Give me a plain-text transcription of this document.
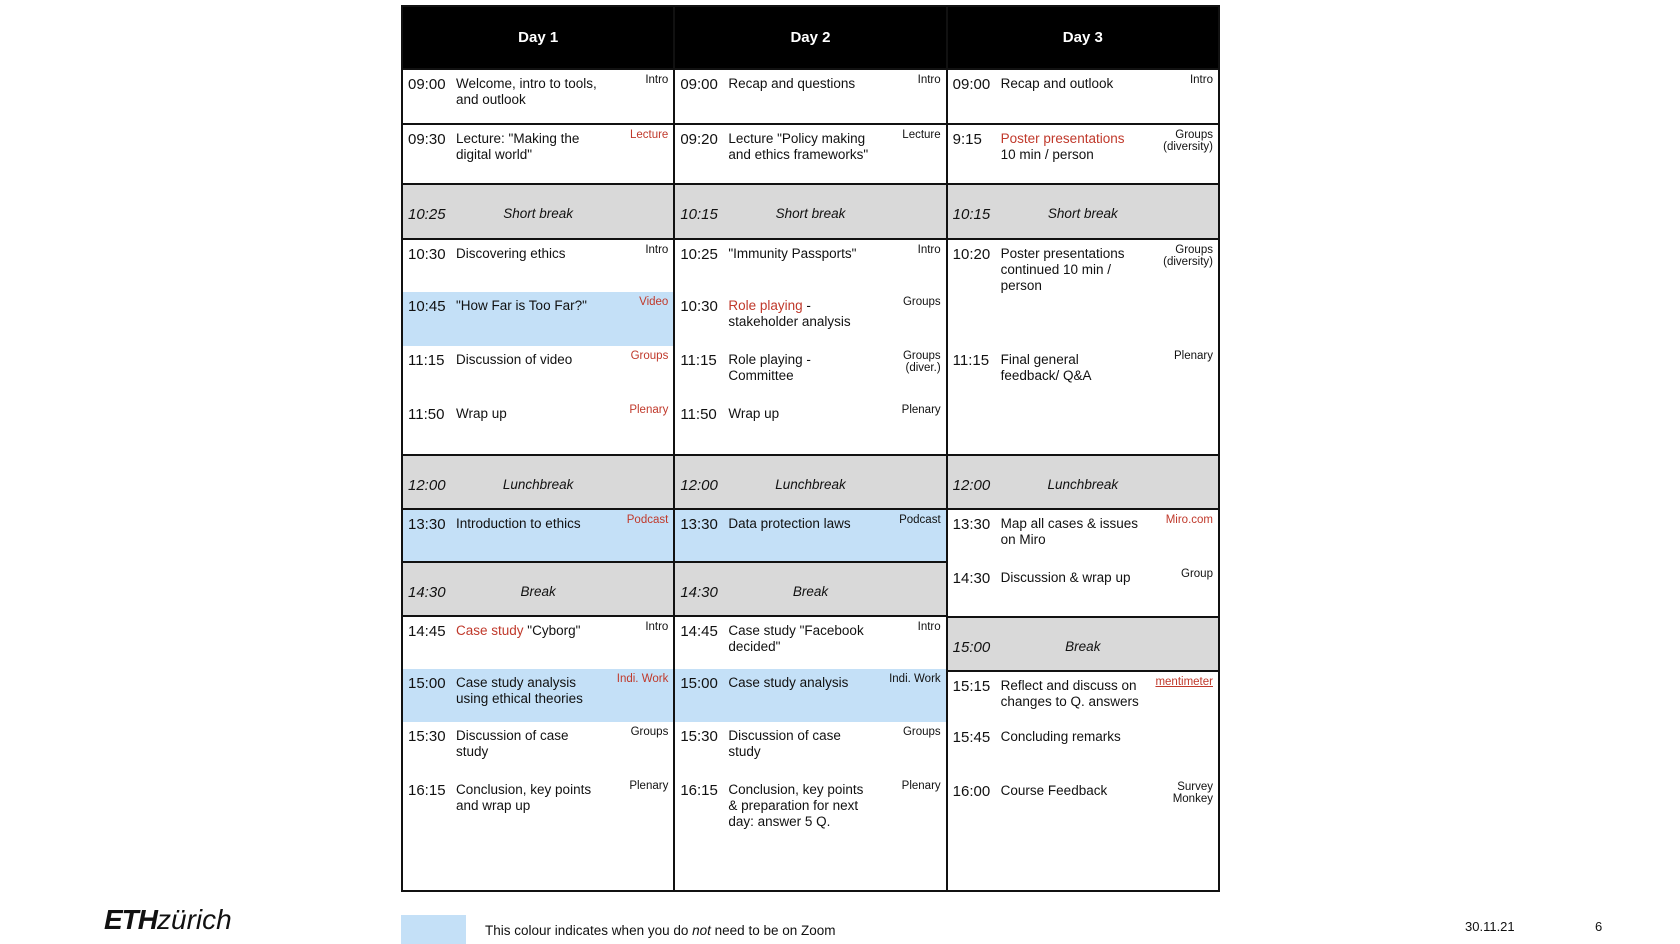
Day 1
09:00 Welcome, intro to tools, and outlook
Intro
09:30 Lecture: "Making the digital world"
Lecture
10:25	Short break
10:30 Discovering ethics	Intro
10:45 "How Far is Too Far?"	Video
11:15 Discussion of video	Groups
11:50 Wrap up	Plenary
12:00	Lunchbreak
13:30 Introduction to ethics	Podcast
14:30	Break
14:45 Case study "Cyborg"	Intro
15:00 Case study analysis using ethical theories
Indi. Work
15:30 Discussion of case study
Groups
16:15 Conclusion, key points and wrap up
Plenary
Day 2
09:00 Recap and questions	Intro
09:20 Lecture "Policy making and ethics frameworks"
Lecture
10:15	Short break
10:25 "Immunity Passports"	Intro
10:30 Role playing - stakeholder analysis
Groups
11:15 Role playing - Committee
Groups (diver.)
11:50 Wrap up	Plenary
12:00	Lunchbreak
13:30 Data protection laws	Podcast
14:30	Break
14:45 Case study "Facebook decided"
Intro
15:00 Case study analysis	Indi. Work
15:30 Discussion of case study
Groups
16:15 Conclusion, key points & preparation for next day: answer 5 Q.
Plenary
Day 3
09:00 Recap and outlook	Intro
9:15 Poster presentations 10 min / person
Groups (diversity)
10:15	Short break
10:20 Poster presentations continued 10 min / person
Groups (diversity)
11:15 Final general feedback/ Q&A
Plenary
12:00	Lunchbreak
13:30 Map all cases & issues on Miro
Miro.com
14:30 Discussion & wrap up	Group
15:00	Break
15:15 Reflect and discuss on changes to Q. answers
mentimeter
15:45 Concluding remarks
16:00 Course Feedback	Survey Monkey
ETHzürich	This colour indicates when you do not need to be on Zoom	30.11.21	6
